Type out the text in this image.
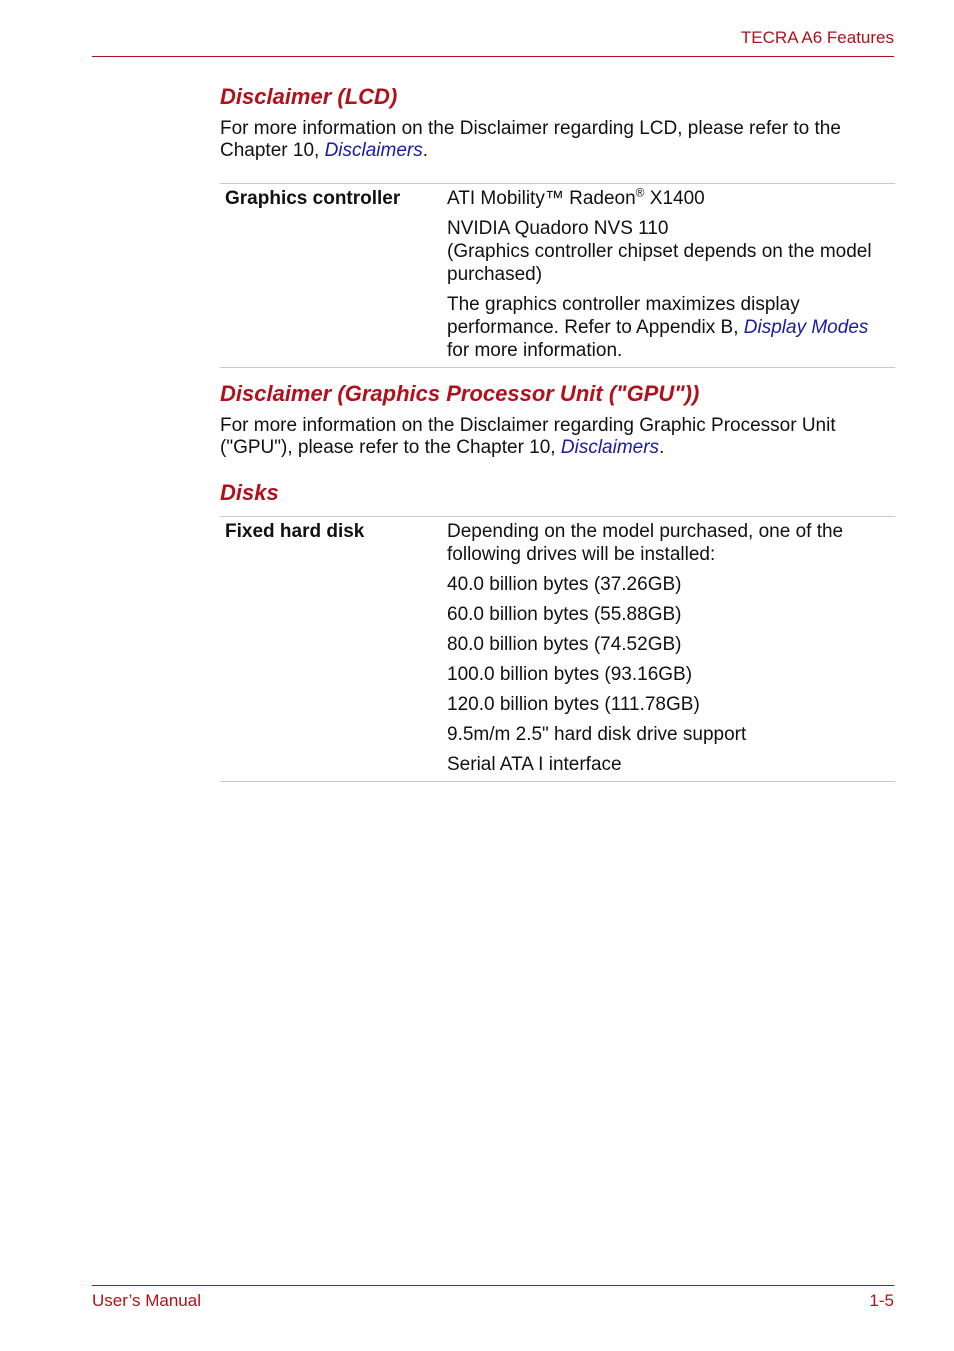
TECRA A6 Features
Disclaimer (LCD)

For more information on the Disclaimer regarding LCD, please refer to the Chapter 10, Disclaimers.

Graphics controller	ATI Mobility™ Radeon® X1400
NVIDIA Quadoro NVS 110
(Graphics controller chipset depends on the model purchased)
The graphics controller maximizes display performance. Refer to Appendix B, Display Modes for more information.
Disclaimer (Graphics Processor Unit ("GPU"))

For more information on the Disclaimer regarding Graphic Processor Unit ("GPU"), please refer to the Chapter 10, Disclaimers.

Disks
Fixed hard disk	Depending on the model purchased, one of the following drives will be installed:
40.0 billion bytes (37.26GB)
60.0 billion bytes (55.88GB)
80.0 billion bytes (74.52GB)
100.0 billion bytes (93.16GB)
120.0 billion bytes (111.78GB)
9.5m/m 2.5" hard disk drive support
Serial ATA I interface
User’s Manual	1-5
